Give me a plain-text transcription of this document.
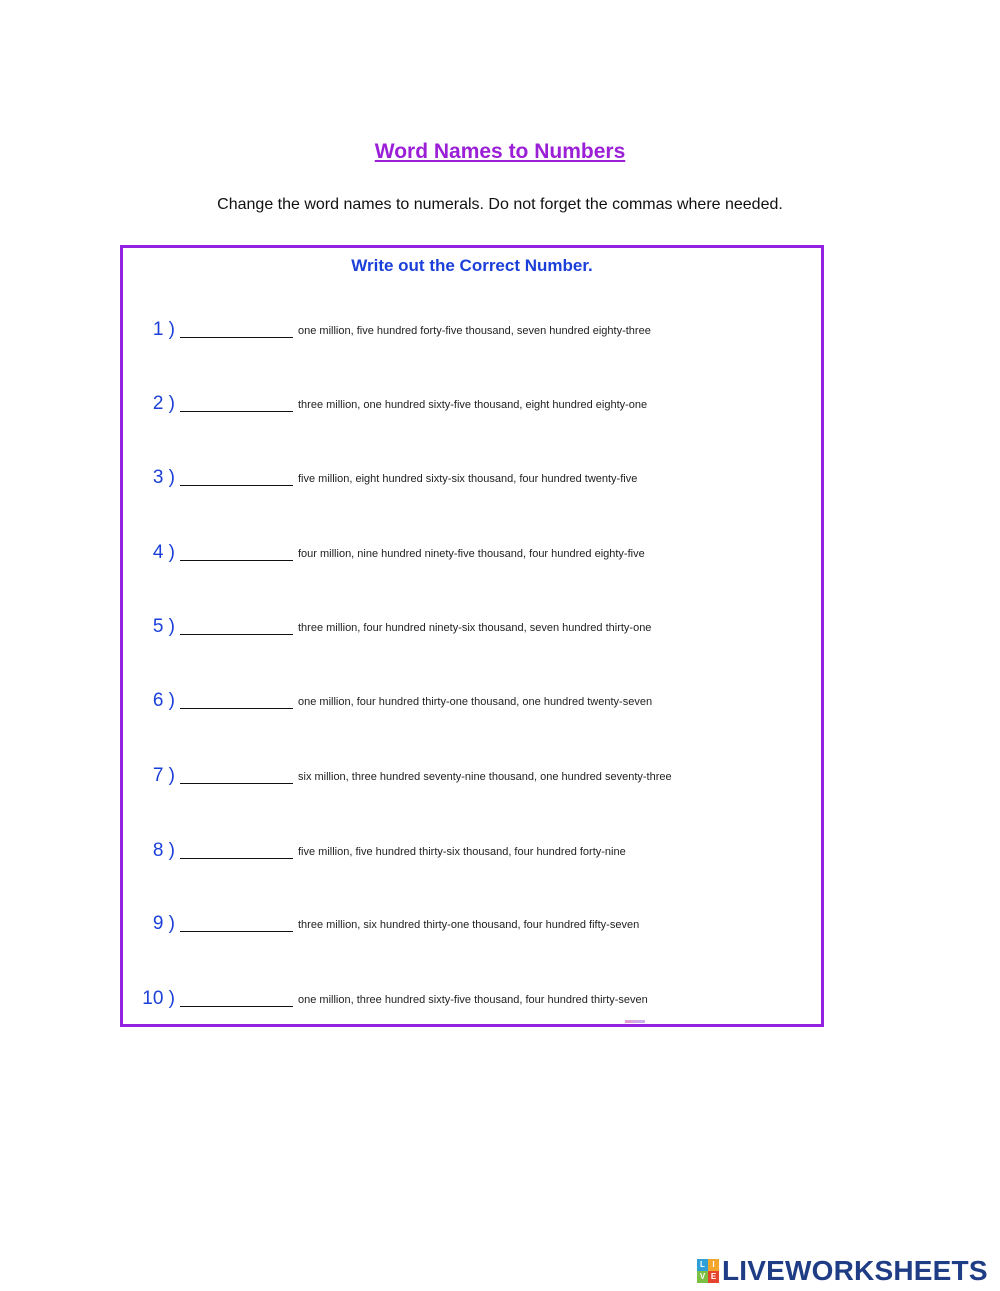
Word Names to Numbers

Change the word names to numerals. Do not forget the commas where needed.

Write out the Correct Number.
1 )	one million, five hundred forty-five thousand, seven hundred eighty-three
2 )	three million, one hundred sixty-five thousand, eight hundred eighty-one
3 )	five million, eight hundred sixty-six thousand, four hundred twenty-five
4 )	four million, nine hundred ninety-five thousand, four hundred eighty-five
5 )	three million, four hundred ninety-six thousand, seven hundred thirty-one
6 )	one million, four hundred thirty-one thousand, one hundred twenty-seven
7 )	six million, three hundred seventy-nine thousand, one hundred seventy-three
8 )	five million, five hundred thirty-six thousand, four hundred forty-nine
9 )	three million, six hundred thirty-one thousand, four hundred fifty-seven
10 )	one million, three hundred sixty-five thousand, four hundred thirty-seven
L I
V E LIVEWORKSHEETS
